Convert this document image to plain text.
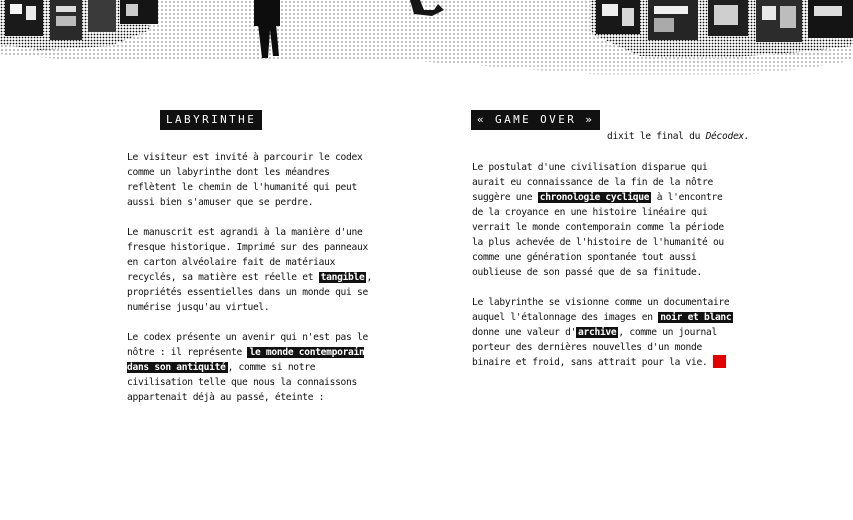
LABYRINTHE

Le visiteur est invité à parcourir le codex comme un labyrinthe dont les méandres reflètent le chemin de l'humanité qui peut aussi bien s'amuser que se perdre.

Le manuscrit est agrandi à la manière d'une fresque historique. Imprimé sur des panneaux en carton alvéolaire fait de matériaux recyclés, sa matière est réelle et tangible , propriétés essentielles dans un monde qui se numérise jusqu'au virtuel.

Le codex présente un avenir qui n'est pas le nôtre : il représente le monde contemporain dans son antiquité , comme si notre civilisation telle que nous la connaissons appartenait déjà au passé, éteinte :

« GAME OVER »
dixit le final du Décodex.

Le postulat d'une civilisation disparue qui aurait eu connaissance de la fin de la nôtre suggère une chronologie cyclique à l'encontre de la croyance en une histoire linéaire qui verrait le monde contemporain comme la période la plus achevée de l'histoire de l'humanité ou comme une génération spontanée tout aussi oublieuse de son passé que de sa finitude.

Le labyrinthe se visionne comme un documentaire auquel l'étalonnage des images en noir et blanc donne une valeur d' archive , comme un journal porteur des dernières nouvelles d'un monde binaire et froid, sans attrait pour la vie.
